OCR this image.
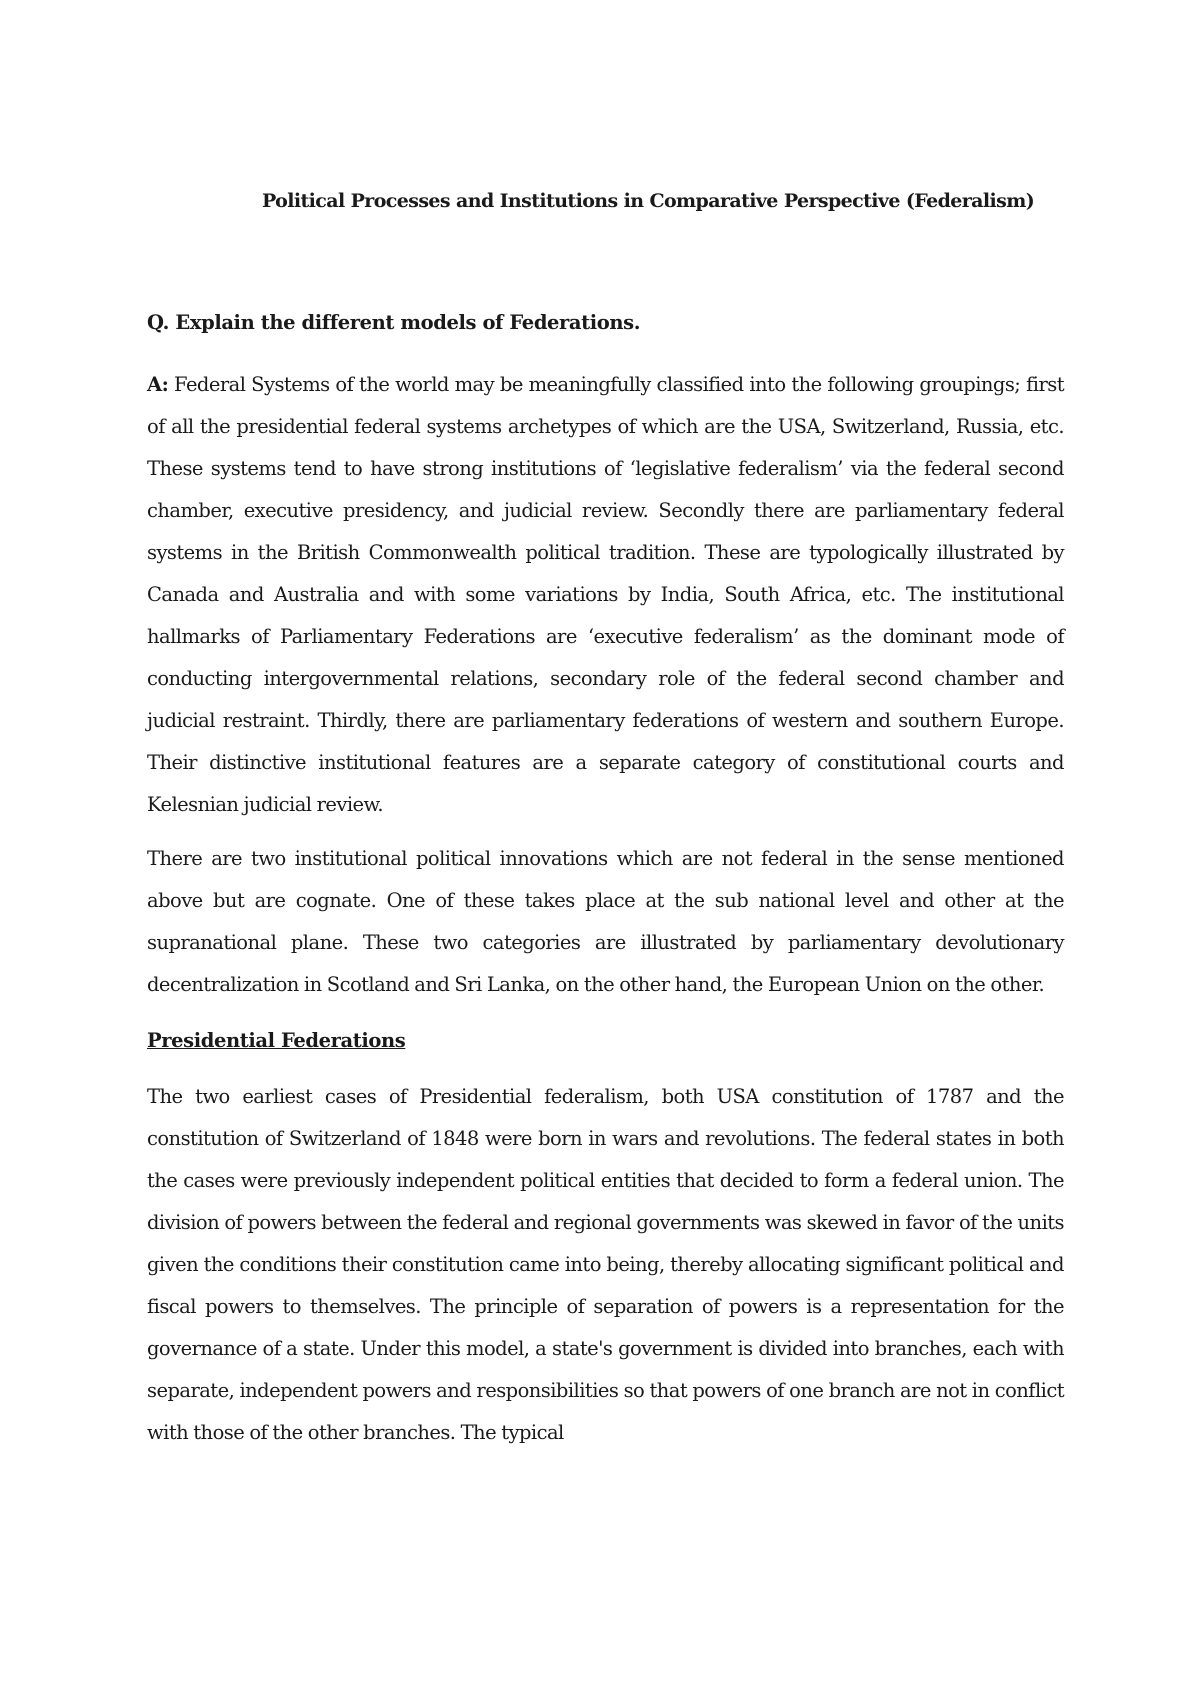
Political Processes and Institutions in Comparative Perspective (Federalism)
Q. Explain the different models of Federations.

A: Federal Systems of the world may be meaningfully classified into the following groupings; first of all the presidential federal systems archetypes of which are the USA, Switzerland, Russia, etc. These systems tend to have strong institutions of ‘legislative federalism’ via the federal second chamber, executive presidency, and judicial review. Secondly there are parliamentary federal systems in the British Commonwealth political tradition. These are typologically illustrated by Canada and Australia and with some variations by India, South Africa, etc. The institutional hallmarks of Parliamentary Federations are ‘executive federalism’ as the dominant mode of conducting intergovernmental relations, secondary role of the federal second chamber and judicial restraint. Thirdly, there are parliamentary federations of western and southern Europe. Their distinctive institutional features are a separate category of constitutional courts and Kelesnian judicial review.

There are two institutional political innovations which are not federal in the sense mentioned above but are cognate. One of these takes place at the sub national level and other at the supranational plane. These two categories are illustrated by parliamentary devolutionary decentralization in Scotland and Sri Lanka, on the other hand, the European Union on the other.

Presidential Federations

The two earliest cases of Presidential federalism, both USA constitution of 1787 and the constitution of Switzerland of 1848 were born in wars and revolutions. The federal states in both the cases were previously independent political entities that decided to form a federal union. The division of powers between the federal and regional governments was skewed in favor of the units given the conditions their constitution came into being, thereby allocating significant political and fiscal powers to themselves. The principle of separation of powers is a representation for the governance of a state. Under this model, a state's government is divided into branches, each with separate, independent powers and responsibilities so that powers of one branch are not in conflict with those of the other branches. The typical
